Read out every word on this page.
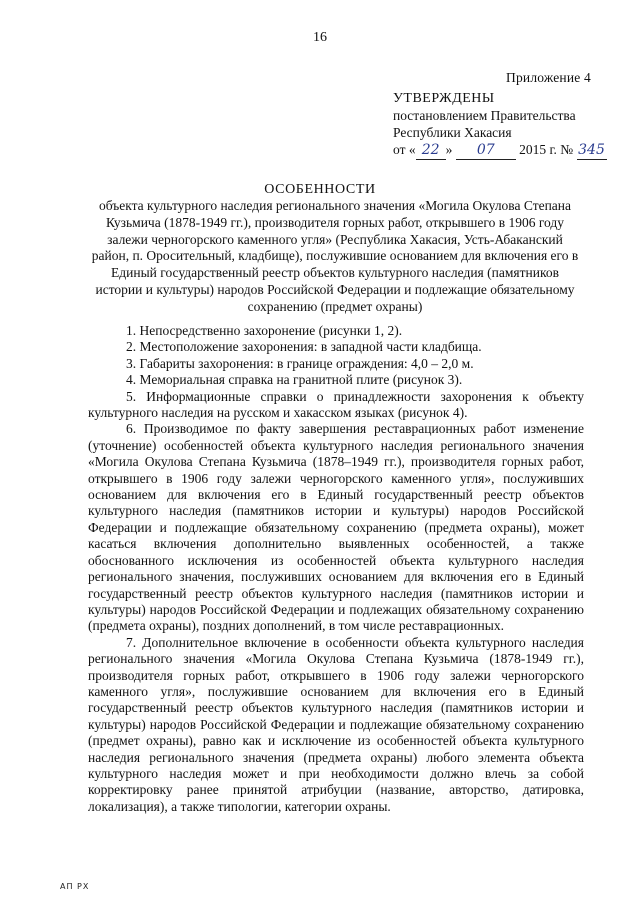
16
Приложение 4
УТВЕРЖДЕНЫ
постановлением Правительства
Республики Хакасия
от « 22 » 07 2015 г. № 345
ОСОБЕННОСТИ
объекта культурного наследия регионального значения «Могила Окулова Степана Кузьмича (1878-1949 гг.), производителя горных работ, открывшего в 1906 году залежи черногорского каменного угля» (Республика Хакасия, Усть-Абаканский район, п. Оросительный, кладбище), послужившие основанием для включения его в Единый государственный реестр объектов культурного наследия (памятников истории и культуры) народов Российской Федерации и подлежащие обязательному сохранению (предмет охраны)

1. Непосредственно захоронение (рисунки 1, 2).

2. Местоположение захоронения: в западной части кладбища.

3. Габариты захоронения: в границе ограждения: 4,0 – 2,0 м.

4. Мемориальная справка на гранитной плите (рисунок 3).

5. Информационные справки о принадлежности захоронения к объекту культурного наследия на русском и хакасском языках (рисунок 4).

6. Производимое по факту завершения реставрационных работ изменение (уточнение) особенностей объекта культурного наследия регионального значения «Могила Окулова Степана Кузьмича (1878–1949 гг.), производителя горных работ, открывшего в 1906 году залежи черногорского каменного угля», послуживших основанием для включения его в Единый государственный реестр объектов культурного наследия (памятников истории и культуры) народов Российской Федерации и подлежащие обязательному сохранению (предмета охраны), может касаться включения дополнительно выявленных особенностей, а также обоснованного исключения из особенностей объекта культурного наследия регионального значения, послуживших основанием для включения его в Единый государственный реестр объектов культурного наследия (памятников истории и культуры) народов Российской Федерации и подлежащих обязательному сохранению (предмета охраны), поздних дополнений, в том числе реставрационных.

7. Дополнительное включение в особенности объекта культурного наследия регионального значения «Могила Окулова Степана Кузьмича (1878-1949 гг.), производителя горных работ, открывшего в 1906 году залежи черногорского каменного угля», послужившие основанием для включения его в Единый государственный реестр объектов культурного наследия (памятников истории и культуры) народов Российской Федерации и подлежащие обязательному сохранению (предмет охраны), равно как и исключение из особенностей объекта культурного наследия регионального значения (предмета охраны) любого элемента объекта культурного наследия может и при необходимости должно влечь за собой корректировку ранее принятой атрибуции (название, авторство, датировка, локализация), а также типологии, категории охраны.

АП РХ
